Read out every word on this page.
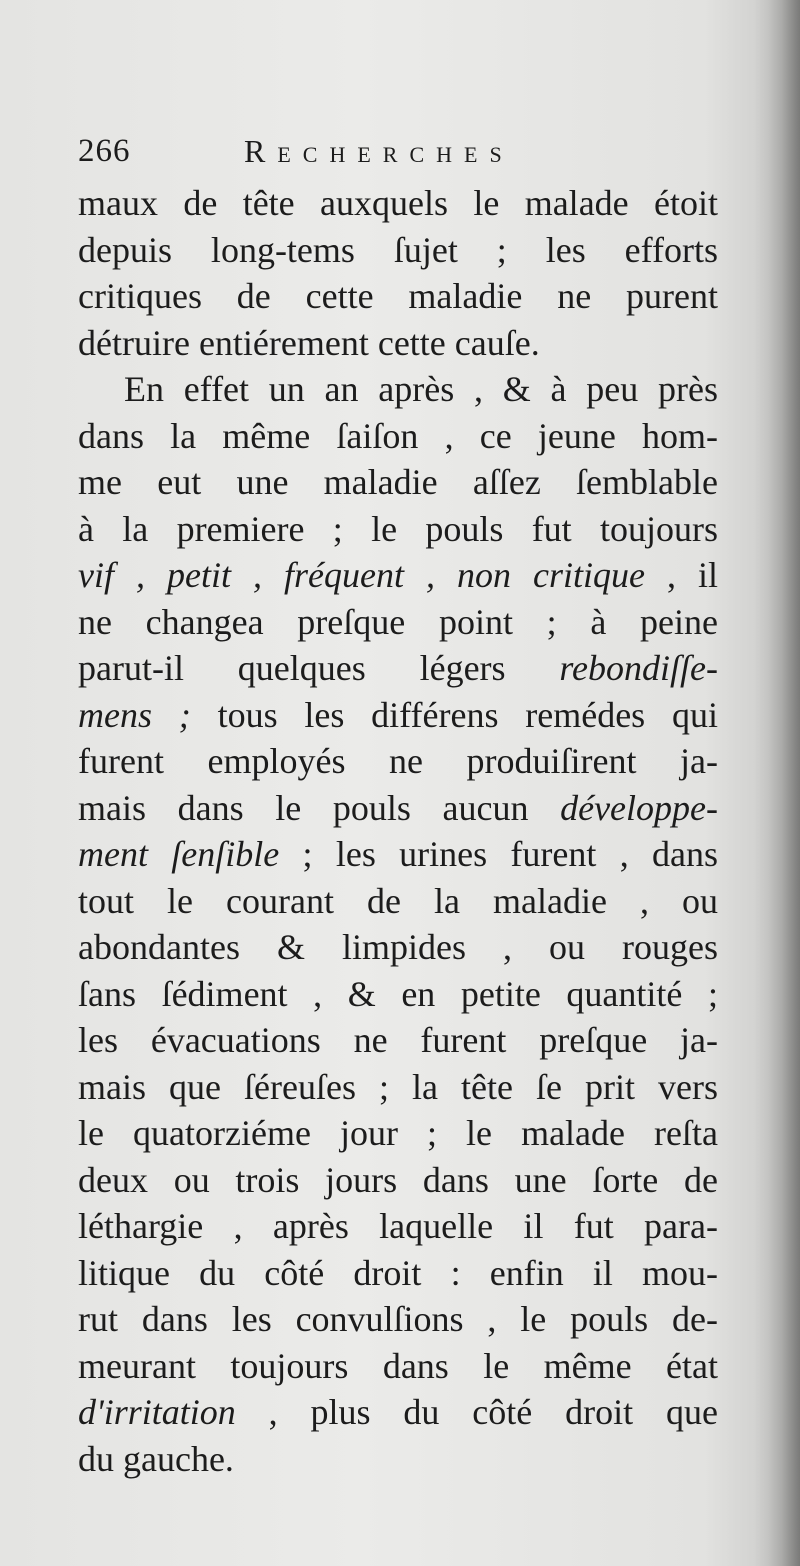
266	Recherches
maux de tête auxquels le malade étoit
depuis long-tems ſujet ; les efforts
critiques de cette maladie ne purent
détruire entiérement cette cauſe.
En effet un an après , & à peu près
dans la même ſaiſon , ce jeune hom-
me eut une maladie aſſez ſemblable
à la premiere ; le pouls fut toujours
vif , petit , fréquent , non critique , il
ne changea preſque point ; à peine
parut-il quelques légers rebondiſſe-
mens ; tous les différens remédes qui
furent employés ne produiſirent ja-
mais dans le pouls aucun développe-
ment ſenſible ; les urines furent , dans
tout le courant de la maladie , ou
abondantes & limpides , ou rouges
ſans ſédiment , & en petite quantité ;
les évacuations ne furent preſque ja-
mais que ſéreuſes ; la tête ſe prit vers
le quatorziéme jour ; le malade reſta
deux ou trois jours dans une ſorte de
léthargie , après laquelle il fut para-
litique du côté droit : enfin il mou-
rut dans les convulſions , le pouls de-
meurant toujours dans le même état
d'irritation , plus du côté droit que
du gauche.
